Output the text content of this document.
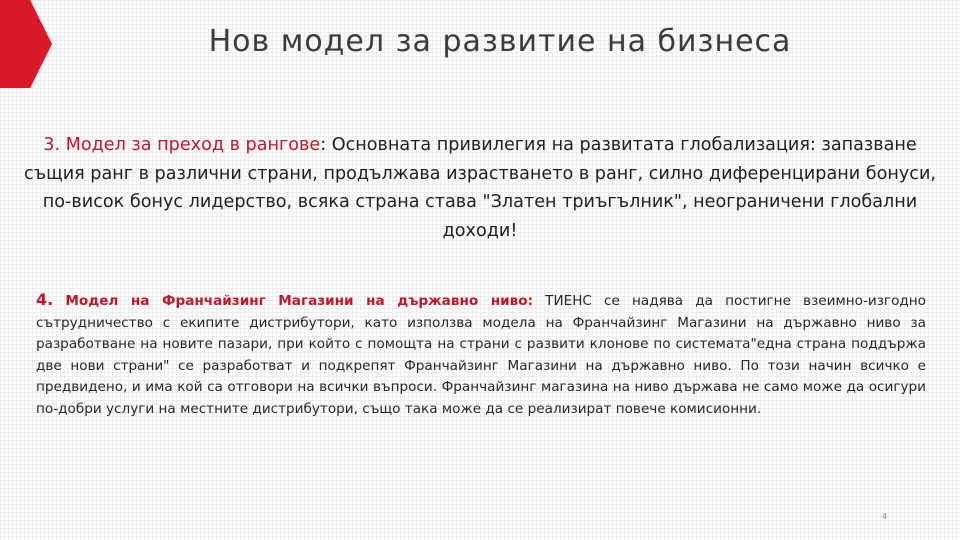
Нов модел за развитие на бизнеса
3. Модел за преход в рангове: Основната привилегия на развитата глобализация: запазване същия ранг в различни страни, продължава израстването в ранг, силно диференцирани бонуси, по-висок бонус лидерство, всяка страна става "Златен триъгълник", неограничени глобални доходи!
4. Модел на Франчайзинг Магазини на държавно ниво: ТИЕНС се надява да постигне взеимно-изгодно сътрудничество с екипите дистрибутори, като използва модела на Франчайзинг Магазини на държавно ниво за разработване на новите пазари, при който с помощта на страни с развити клонове по системата"една страна поддържа две нови страни" се разработват и подкрепят Франчайзинг Магазини на държавно ниво. По този начин всичко е предвидено, и има кой са отговори на всички въпроси. Франчайзинг магазина на ниво държава не само може да осигури по-добри услуги на местните дистрибутори, също така може да се реализират повече комисионни.
4
